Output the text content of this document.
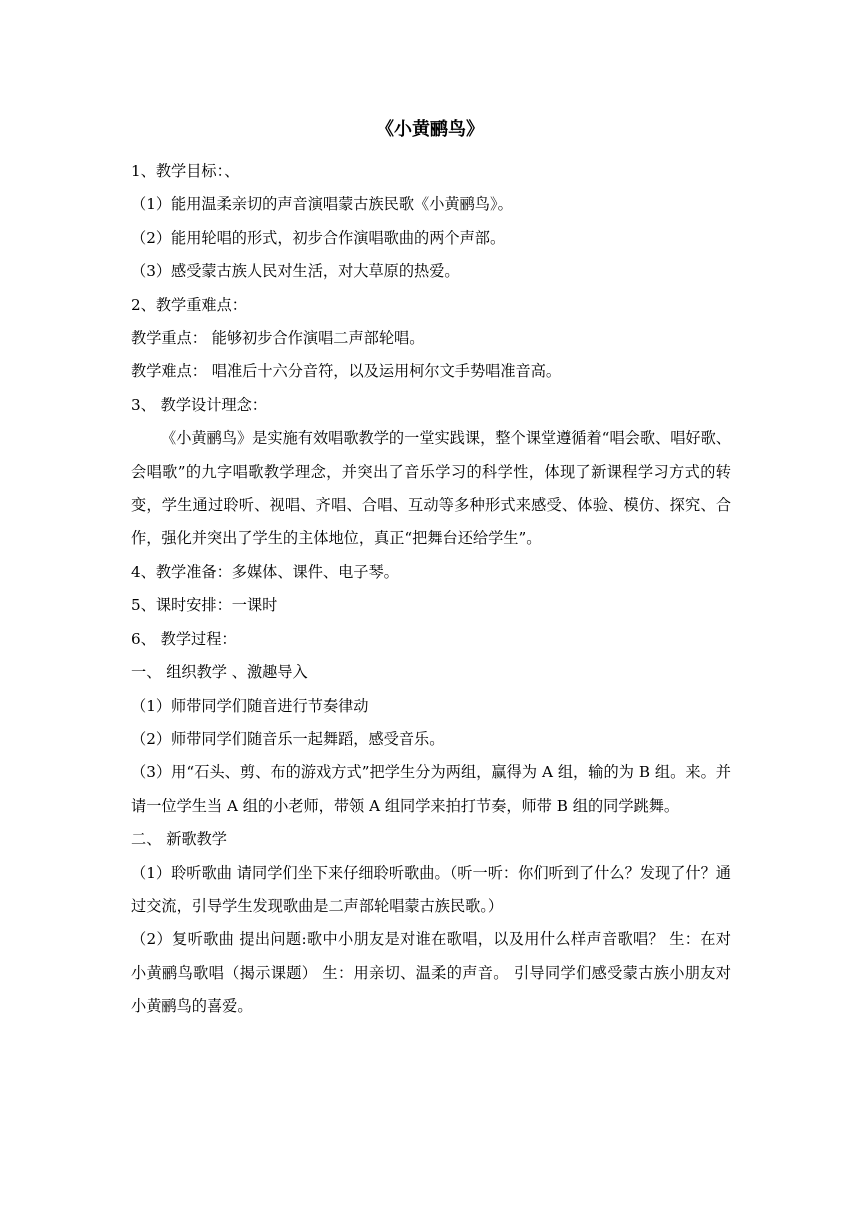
《小黄鹂鸟》

1、教学目标：、

（1）能用温柔亲切的声音演唱蒙古族民歌《小黄鹂鸟》。

（2）能用轮唱的形式，初步合作演唱歌曲的两个声部。

（3）感受蒙古族人民对生活，对大草原的热爱。

2、教学重难点：

教学重点： 能够初步合作演唱二声部轮唱。

教学难点： 唱准后十六分音符，以及运用柯尔文手势唱准音高。

3、 教学设计理念：

《小黄鹂鸟》是实施有效唱歌教学的一堂实践课，整个课堂遵循着“唱会歌、唱好歌、会唱歌”的九字唱歌教学理念，并突出了音乐学习的科学性，体现了新课程学习方式的转变，学生通过聆听、视唱、齐唱、合唱、互动等多种形式来感受、体验、模仿、探究、合作，强化并突出了学生的主体地位，真正“把舞台还给学生”。

4、教学准备：多媒体、课件、电子琴。

5、课时安排：一课时

6、 教学过程：

一、 组织教学 、激趣导入

（1）师带同学们随音进行节奏律动

（2）师带同学们随音乐一起舞蹈，感受音乐。

（3）用“石头、剪、布的游戏方式”把学生分为两组，赢得为 A 组，输的为 B 组。来。并请一位学生当 A 组的小老师，带领 A 组同学来拍打节奏，师带 B 组的同学跳舞。

二、 新歌教学

（1）聆听歌曲 请同学们坐下来仔细聆听歌曲。（听一听：你们听到了什么？发现了什？通过交流，引导学生发现歌曲是二声部轮唱蒙古族民歌。）

（2）复听歌曲 提出问题:歌中小朋友是对谁在歌唱，以及用什么样声音歌唱？ 生：在对小黄鹂鸟歌唱（揭示课题） 生：用亲切、温柔的声音。 引导同学们感受蒙古族小朋友对小黄鹂鸟的喜爱。
